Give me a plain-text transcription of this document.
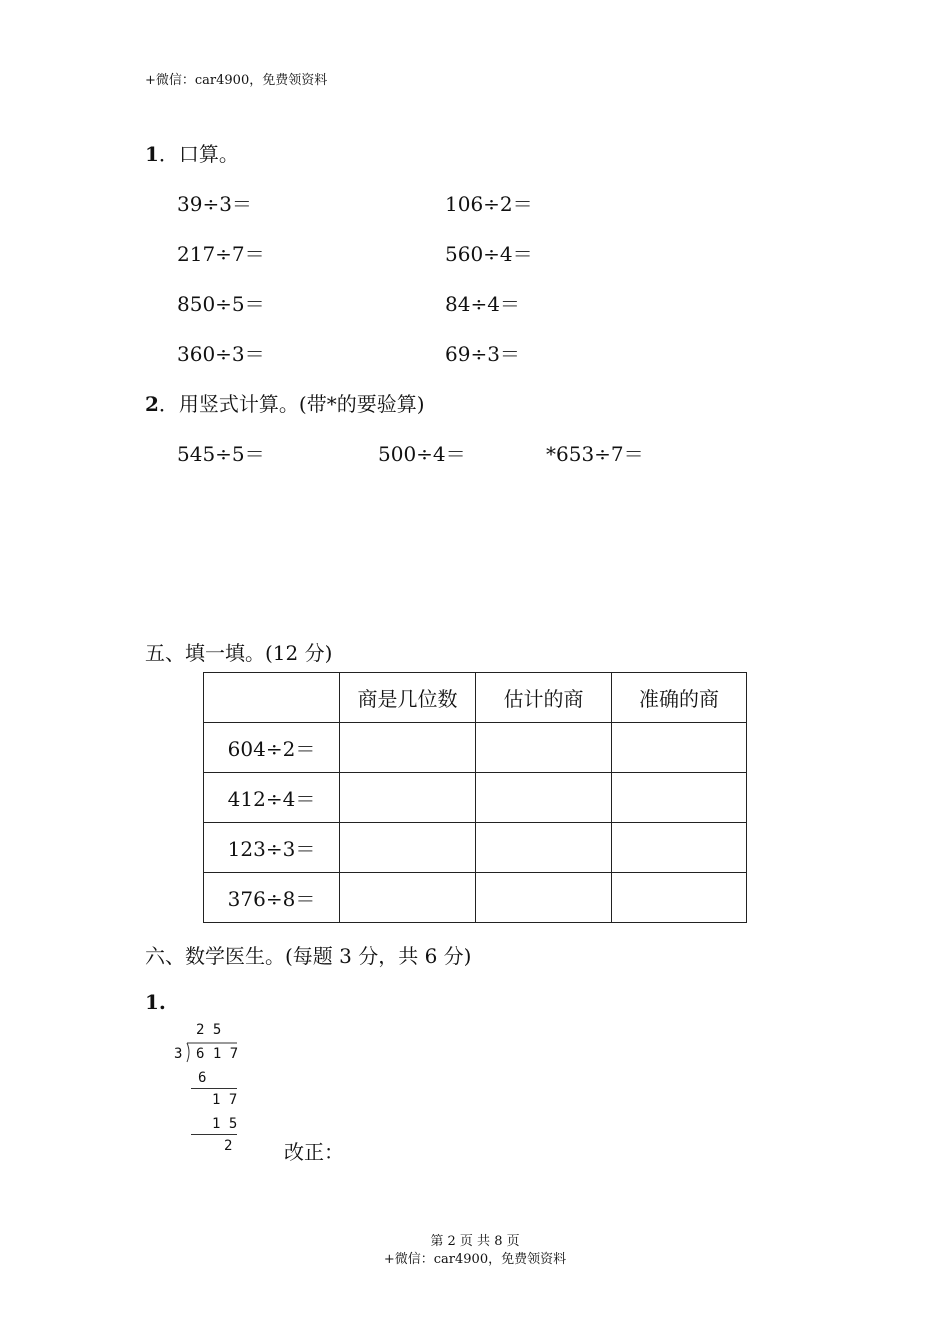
+微信：car4900，免费领资料
1．口算。
39÷3＝	106÷2＝
217÷7＝	560÷4＝
850÷5＝	84÷4＝
360÷3＝	69÷3＝
2．用竖式计算。(带*的要验算)
545÷5＝	500÷4＝	*653÷7＝
五、填一填。(12 分)
	商是几位数	估计的商	准确的商
604÷2＝			
412÷4＝			
123÷3＝			
376÷8＝			
六、数学医生。(每题 3 分，共 6 分)
1.
2 5
3 6 1 7
6
1 7
1 5
2	改正：
第 2 页 共 8 页
+微信：car4900，免费领资料
